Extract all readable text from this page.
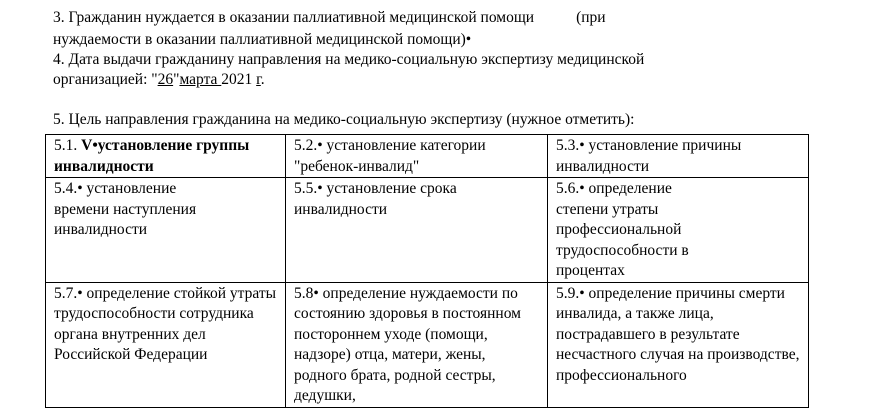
3. Гражданин нуждается в оказании паллиативной медицинской помощи	(при
нуждаемости в оказании паллиативной медицинской помощи)•
4. Дата выдачи гражданину направления на медико-социальную экспертизу медицинской
организацией: "26"марта 2021 г.
5. Цель направления гражданина на медико-социальную экспертизу (нужное отметить):
5.1. V•установление группы инвалидности	5.2.• установление категории "ребенок-инвалид"	5.3.• установление причины инвалидности

5.4.• установление времени наступления инвалидности	5.5.• установление срока инвалидности	5.6.• определение степени утраты профессиональной трудоспособности в процентах

5.7.• определение стойкой утраты трудоспособности сотрудника органа внутренних дел Российской Федерации	5.8• определение нуждаемости по состоянию здоровья в постоянном постороннем уходе (помощи, надзоре) отца, матери, жены, родного брата, родной сестры, дедушки,	5.9.• определение причины смерти инвалида, а также лица, пострадавшего в результате несчастного случая на производстве, профессионального
